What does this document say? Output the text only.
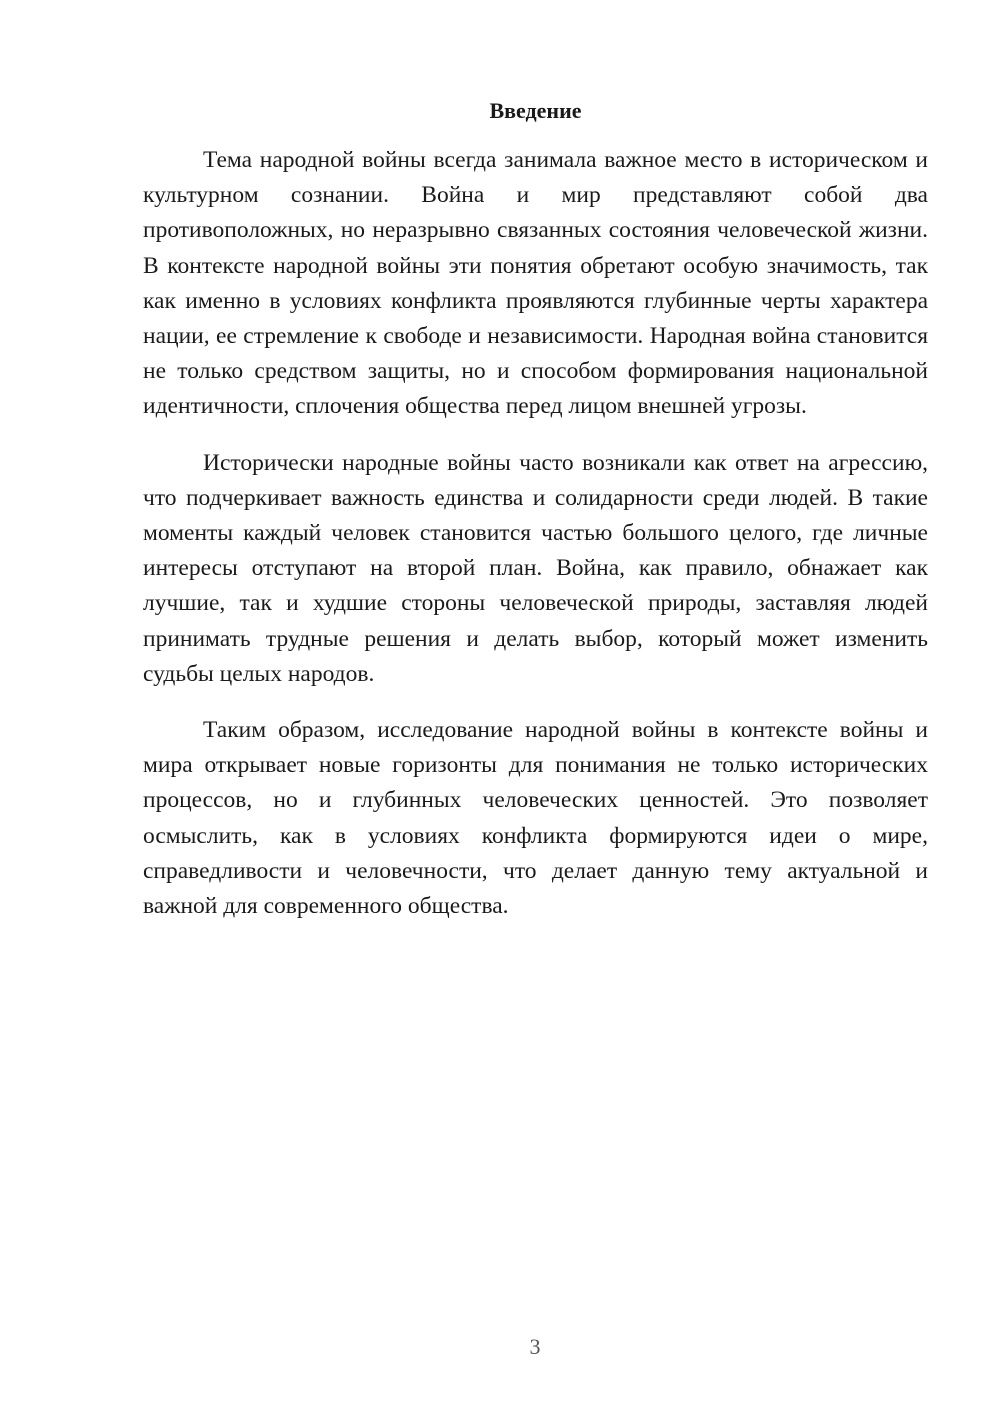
Введение

Тема народной войны всегда занимала важное место в историческом и культурном сознании. Война и мир представляют собой два противоположных, но неразрывно связанных состояния человеческой жизни. В контексте народной войны эти понятия обретают особую значимость, так как именно в условиях конфликта проявляются глубинные черты характера нации, ее стремление к свободе и независимости. Народная война становится не только средством защиты, но и способом формирования национальной идентичности, сплочения общества перед лицом внешней угрозы.

Исторически народные войны часто возникали как ответ на агрессию, что подчеркивает важность единства и солидарности среди людей. В такие моменты каждый человек становится частью большого целого, где личные интересы отступают на второй план. Война, как правило, обнажает как лучшие, так и худшие стороны человеческой природы, заставляя людей принимать трудные решения и делать выбор, который может изменить судьбы целых народов.

Таким образом, исследование народной войны в контексте войны и мира открывает новые горизонты для понимания не только исторических процессов, но и глубинных человеческих ценностей. Это позволяет осмыслить, как в условиях конфликта формируются идеи о мире, справедливости и человечности, что делает данную тему актуальной и важной для современного общества.

3
